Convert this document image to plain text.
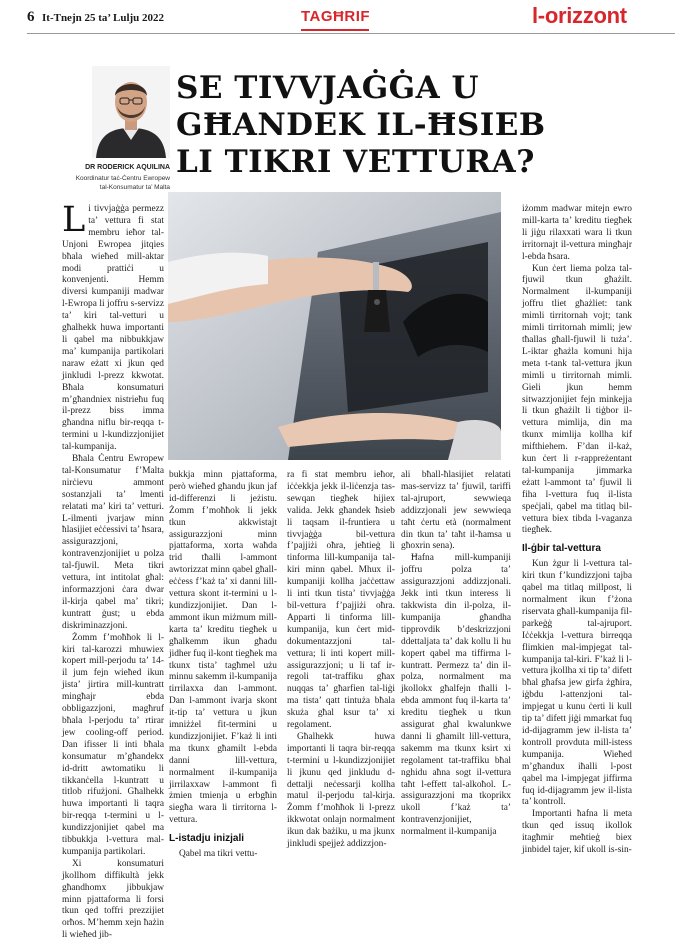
6 It-Tnejn 25 ta’ Lulju 2022	TAGĦRIF	l-orizzont
DR RODERICK AQUILINA
Koordinatur taċ-Ċentru Ewropew
tal-Konsumatur ta’ Malta
SE TIVVJAĠĠA U
GĦANDEK IL-ĦSIEB
LI TIKRI VETTURA?

Li tivvjaġġa permezz ta’ vettura fi stat membru ieħor tal-Unjoni Ewropea jitqies bħala wieħed mill-aktar modi prattiċi u konvenjenti. Hemm diversi kumpaniji madwar l-Ewropa li joffru s-servizz ta’ kiri tal-vetturi u għalhekk huwa importanti li qabel ma nibbukkjaw ma’ kumpanija partikolari naraw eżatt xi jkun qed jinkludi l-prezz kkwotat. Bħala konsumaturi m’għandniex nistrieħu fuq il-prezz biss imma għandna niflu bir-reqqa t-termini u l-kundizzjonijiet tal-kumpanija.

Bħala Ċentru Ewropew tal-Konsumatur f’Malta nirċievu ammont sostanzjali ta’ lmenti relatati ma’ kiri ta’ vetturi. L-ilmenti jvarjaw minn ħlasijiet eċċessivi ta’ ħsara, assigurazzjoni, kontravenzjonijiet u polza tal-fjuwil. Meta tikri vettura, int intitolat għal: informazzjoni ċara dwar il-kirja qabel ma’ tikri; kuntratt ġust; u ebda diskriminazzjoni.

Żomm f’moħħok li l-kiri tal-karozzi mhuwiex kopert mill-perjodu ta’ 14-il jum fejn wieħed ikun jista’ jirtira mill-kuntratt mingħajr ebda obbligazzjoni, magħruf bħala l-perjodu ta’ rtirar jew cooling-off period. Dan ifisser li inti bħala konsumatur m’għandekx id-dritt awtomatiku li tikkanċella l-kuntratt u titlob rifużjoni. Għalhekk huwa importanti li taqra bir-reqqa t-termini u l-kundizzjonijiet qabel ma tibbukkja l-vettura mal-kumpanija partikolari.

Xi konsumaturi jkollhom diffikultà jekk għandhomx jibbukjaw minn pjattaforma li forsi tkun qed toffri prezzijiet orħos. M’hemm xejn ħażin li wieħed jib-

bukkja minn pjattaforma, però wieħed għandu jkun jaf id-differenzi li jeżistu. Żomm f’moħħok li jekk tkun akkwistajt assigurazzjoni minn pjattaforma, xorta waħda trid tħalli l-ammont awtorizzat minn qabel għall-eċċess f’każ ta’ xi danni lill-vettura skont it-termini u l-kundizzjonijiet. Dan l-ammont ikun miżmum mill-karta ta’ kreditu tiegħek u għalkemm ikun għadu jidher fuq il-kont tiegħek ma tkunx tista’ tagħmel użu minnu sakemm il-kumpanija tirrilaxxa dan l-ammont. Dan l-ammont ivarja skont it-tip ta’ vettura u jkun imniżżel fit-termini u kundizzjonijiet. F’każ li inti ma tkunx għamilt l-ebda danni lill-vettura, normalment il-kumpanija jirrilaxxaw l-ammont fi żmien tmienja u erbgħin siegħa wara li tirritorna l-vettura.

L-istadju inizjali

Qabel ma tikri vettu-

ra fi stat membru ieħor, iċċekkja jekk il-liċenzja tas-sewqan tiegħek hijiex valida. Jekk għandek ħsieb li taqsam il-fruntiera u tivvjaġġa bil-vettura f’pajjiżi oħra, jeħtieġ li tinforma lill-kumpanija tal-kiri minn qabel. Mhux il-kumpaniji kollha jaċċettaw li inti tkun tista’ tivvjaġġa bil-vettura f’pajjiżi oħra. Apparti li tinforma lill-kumpanija, kun ċert mid-dokumentazzjoni tal-vettura; li inti kopert mill-assigurazzjoni; u li taf ir-regoli tat-traffiku għax nuqqas ta’ għarfien tal-liġi ma tista’ qatt tintuża bħala skuża għal ksur ta’ xi regolament.

Għalhekk huwa importanti li taqra bir-reqqa t-termini u l-kundizzjonijiet li jkunu qed jinkludu d-dettalji neċessarji kollha matul il-perjodu tal-kirja. Żomm f’moħħok li l-prezz ikkwotat onlajn normalment ikun dak bażiku, u ma jkunx jinkludi spejjeż addizzjon-

ali bħall-ħlasijiet relatati mas-servizz ta’ fjuwil, tariffi tal-ajruport, sewwieqa addizzjonali jew sewwieqa taħt ċertu età (normalment din tkun ta’ taħt il-ħamsa u għoxrin sena).

Ħafna mill-kumpaniji joffru polza ta’ assigurazzjoni addizzjonali. Jekk inti tkun interess li takkwista din il-polza, il-kumpanija għandha tipprovdik b’deskrizzjoni ddettaljata ta’ dak kollu li hu kopert qabel ma tiffirma l-kuntratt. Permezz ta’ din il-polza, normalment ma jkollokx għalfejn tħalli l-ebda ammont fuq il-karta ta’ kreditu tiegħek u tkun assigurat għal kwalunkwe danni li għamilt lill-vettura, sakemm ma tkunx ksirt xi regolament tat-traffiku bħal nghidu aħna sogt il-vettura taħt l-effett tal-alkoħol. L-assigurazzjoni ma tkoprikx ukoll f’każ ta’ kontravenzjonijiet, normalment il-kumpanija

iżomm madwar mitejn ewro mill-karta ta’ kreditu tiegħek li jiġu rilaxxati wara li tkun irritornajt il-vettura mingħajr l-ebda ħsara.

Kun ċert liema polza tal-fjuwil tkun għażilt. Normalment il-kumpaniji joffru tliet għażliet: tank mimli tirritornah vojt; tank mimli tirritornah mimli; jew tħallas għall-fjuwil li tuża’. L-iktar għażla komuni hija meta t-tank tal-vettura jkun mimli u tirritornah mimli. Gieli jkun hemm sitwazzjonijiet fejn minkejja li tkun għażilt li tiġbor il-vettura mimlija, din ma tkunx mimlija kollha kif mifthiehem. F’dan il-każ, kun ċert li r-rappreżentant tal-kumpanija jimmarka eżatt l-ammont ta’ fjuwil li fiha l-vettura fuq il-lista speċjali, qabel ma titlaq bil-vettura biex tibda l-vaganza tiegħek.

Il-ġbir tal-vettura

Kun żgur li l-vettura tal-kiri tkun f’kundizzjoni tajba qabel ma titlaq millpost, li normalment ikun f’żona riservata għall-kumpanija fil-parkeġġ tal-ajruport. Iċċekkja l-vettura birreqqa flimkien mal-impjegat tal-kumpanija tal-kiri. F’każ li l-vettura jkollha xi tip ta’ difett bħal għafsa jew girfa żgħira, iġbdu l-attenzjoni tal-impjegat u kunu ċerti li kull tip ta’ difett jiġi mmarkat fuq id-dijagramm jew il-lista ta’ kontroll provduta mill-istess kumpanija. Wieħed m’għandux iħalli l-post qabel ma l-impjegat jiffirma fuq id-dijagramm jew il-lista ta’ kontroll.

Importanti ħafna li meta tkun qed issuq ikollok itagħmir meħtieġ biex jinbidel tajer, kif ukoll is-sin-
